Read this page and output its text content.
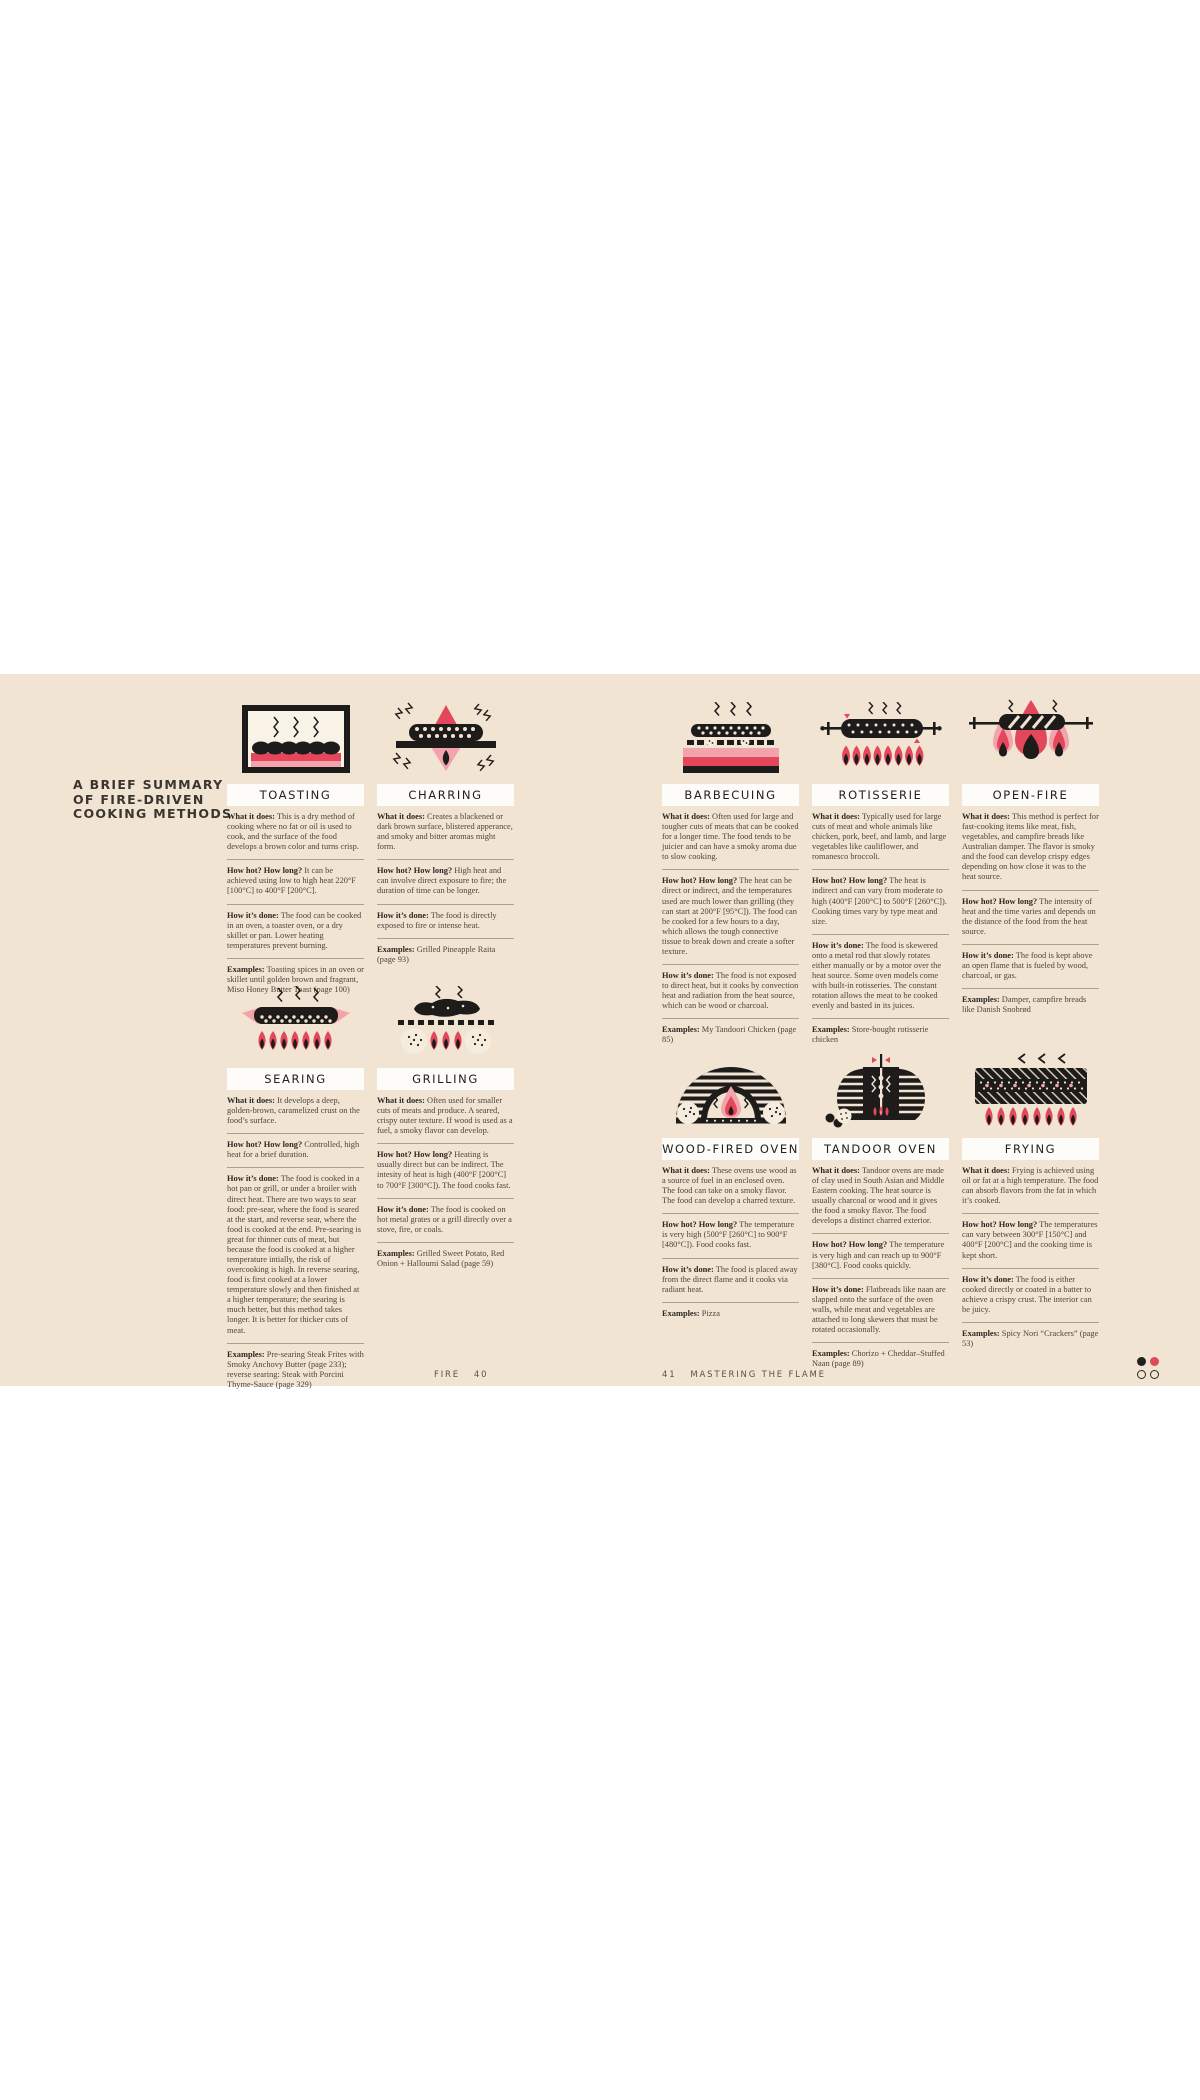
A BRIEF SUMMARY
OF FIRE-DRIVEN
COOKING METHODS
TOASTING

What it does: This is a dry method of cooking where no fat or oil is used to cook, and the surface of the food develops a brown color and turns crisp.

How hot? How long? It can be achieved using low to high heat 220°F [100°C] to 400°F [200°C].

How it’s done: The food can be cooked in an oven, a toaster oven, or a dry skillet or pan. Lower heating temperatures prevent burning.

Examples: Toasting spices in an oven or skillet until golden brown and fragrant, Miso Honey Butter Toast (page 100)

CHARRING

What it does: Creates a blackened or dark brown surface, blistered apperance, and smoky and bitter aromas might form.

How hot? How long? High heat and can involve direct exposure to fire; the duration of time can be longer.

How it’s done: The food is directly exposed to fire or intense heat.

Examples: Grilled Pineapple Raita (page 93)

SEARING

What it does: It develops a deep, golden-brown, caramelized crust on the food’s surface.

How hot? How long? Controlled, high heat for a brief duration.

How it’s done: The food is cooked in a hot pan or grill, or under a broiler with direct heat. There are two ways to sear food: pre-sear, where the food is seared at the start, and reverse sear, where the food is cooked at the end. Pre-searing is great for thinner cuts of meat, but because the food is cooked at a higher temperature intially, the risk of overcooking is high. In reverse searing, food is first cooked at a lower temperature slowly and then finished at a higher temperature; the searing is much better, but this method takes longer. It is better for thicker cuts of meat.

Examples: Pre-searing Steak Frites with Smoky Anchovy Butter (page 233); reverse searing: Steak with Porcini Thyme-Sauce (page 329)

GRILLING

What it does: Often used for smaller cuts of meats and produce. A seared, crispy outer texture. If wood is used as a fuel, a smoky flavor can develop.

How hot? How long? Heating is usually direct but can be indirect. The intesity of heat is high (400°F [200°C] to 700°F [300°C]). The food cooks fast.

How it’s done: The food is cooked on hot metal grates or a grill directly over a stove, fire, or coals.

Examples: Grilled Sweet Potato, Red Onion + Halloumi Salad (page 59)

BARBECUING

What it does: Often used for large and tougher cuts of meats that can be cooked for a longer time. The food tends to be juicier and can have a smoky aroma due to slow cooking.

How hot? How long? The heat can be direct or indirect, and the temperatures used are much lower than grilling (they can start at 200°F [95°C]). The food can be cooked for a few hours to a day, which allows the tough connective tissue to break down and create a softer texture.

How it’s done: The food is not exposed to direct heat, but it cooks by convection heat and radiation from the heat source, which can be wood or charcoal.

Examples: My Tandoori Chicken (page 85)

ROTISSERIE

What it does: Typically used for large cuts of meat and whole animals like chicken, pork, beef, and lamb, and large vegetables like cauliflower, and romanesco broccoli.

How hot? How long? The heat is indirect and can vary from moderate to high (400°F [200°C] to 500°F [260°C]). Cooking times vary by type meat and size.

How it’s done: The food is skewered onto a metal rod that slowly rotates either manually or by a motor over the heat source. Some oven models come with built-in rotisseries. The constant rotation allows the meat to be cooked evenly and basted in its juices.

Examples: Store-bought rotisserie chicken

OPEN-FIRE

What it does: This method is perfect for fast-cooking items like meat, fish, vegetables, and campfire breads like Australian damper. The flavor is smoky and the food can develop crispy edges depending on how close it was to the heat source.

How hot? How long? The intensity of heat and the time varies and depends on the distance of the food from the heat source.

How it’s done: The food is kept above an open flame that is fueled by wood, charcoal, or gas.

Examples: Damper, campfire breads like Danish Snobrød

WOOD-FIRED OVEN

What it does: These ovens use wood as a source of fuel in an enclosed oven. The food can take on a smoky flavor. The food can develop a charred texture.

How hot? How long? The temperature is very high (500°F [260°C] to 900°F [480°C]). Food cooks fast.

How it’s done: The food is placed away from the direct flame and it cooks via radiant heat.

Examples: Pizza

TANDOOR OVEN

What it does: Tandoor ovens are made of clay used in South Asian and Middle Eastern cooking. The heat source is usually charcoal or wood and it gives the food a smoky flavor. The food develops a distinct charred exterior.

How hot? How long? The temperature is very high and can reach up to 900°F [380°C]. Food cooks quickly.

How it’s done: Flatbreads like naan are slapped onto the surface of the oven walls, while meat and vegetables are attached to long skewers that must be rotated occasionally.

Examples: Chorizo + Cheddar–Stuffed Naan (page 89)

FRYING

What it does: Frying is achieved using oil or fat at a high temperature. The food can absorb flavors from the fat in which it’s cooked.

How hot? How long? The temperatures can vary between 300°F [150°C] and 400°F [200°C] and the cooking time is kept short.

How it’s done: The food is either cooked directly or coated in a batter to achieve a crispy crust. The interior can be juicy.

Examples: Spicy Nori “Crackers” (page 53)

FIRE 40	41 MASTERING THE FLAME
